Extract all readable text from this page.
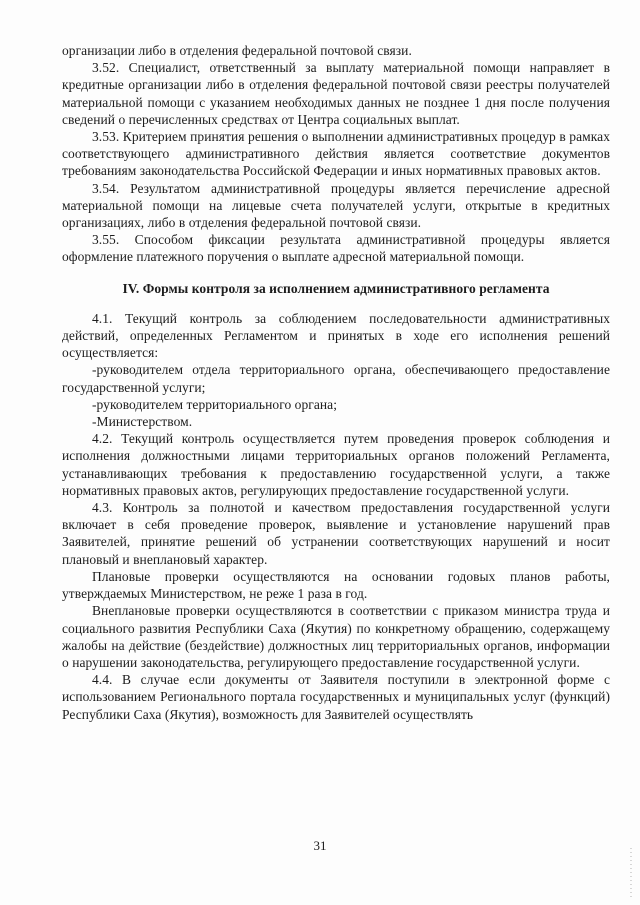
организации либо в отделения федеральной почтовой связи.

3.52. Специалист, ответственный за выплату материальной помощи направляет в кредитные организации либо в отделения федеральной почтовой связи реестры получателей материальной помощи с указанием необходимых данных не позднее 1 дня после получения сведений о перечисленных средствах от Центра социальных выплат.

3.53. Критерием принятия решения о выполнении административных процедур в рамках соответствующего административного действия является соответствие документов требованиям законодательства Российской Федерации и иных нормативных правовых актов.

3.54. Результатом административной процедуры является перечисление адресной материальной помощи на лицевые счета получателей услуги, открытые в кредитных организациях, либо в отделения федеральной почтовой связи.

3.55. Способом фиксации результата административной процедуры является оформление платежного поручения о выплате адресной материальной помощи.

IV. Формы контроля за исполнением административного регламента

4.1. Текущий контроль за соблюдением последовательности административных действий, определенных Регламентом и принятых в ходе его исполнения решений осуществляется:

-руководителем отдела территориального органа, обеспечивающего предоставление государственной услуги;

-руководителем территориального органа;

-Министерством.

4.2. Текущий контроль осуществляется путем проведения проверок соблюдения и исполнения должностными лицами территориальных органов положений Регламента, устанавливающих требования к предоставлению государственной услуги, а также нормативных правовых актов, регулирующих предоставление государственной услуги.

4.3. Контроль за полнотой и качеством предоставления государственной услуги включает в себя проведение проверок, выявление и установление нарушений прав Заявителей, принятие решений об устранении соответствующих нарушений и носит плановый и внеплановый характер.

Плановые проверки осуществляются на основании годовых планов работы, утверждаемых Министерством, не реже 1 раза в год.

Внеплановые проверки осуществляются в соответствии с приказом министра труда и социального развития Республики Саха (Якутия) по конкретному обращению, содержащему жалобы на действие (бездействие) должностных лиц территориальных органов, информации о нарушении законодательства, регулирующего предоставление государственной услуги.

4.4. В случае если документы от Заявителя поступили в электронной форме с использованием Регионального портала государственных и муниципальных услуг (функций) Республики Саха (Якутия), возможность для Заявителей осуществлять

31
